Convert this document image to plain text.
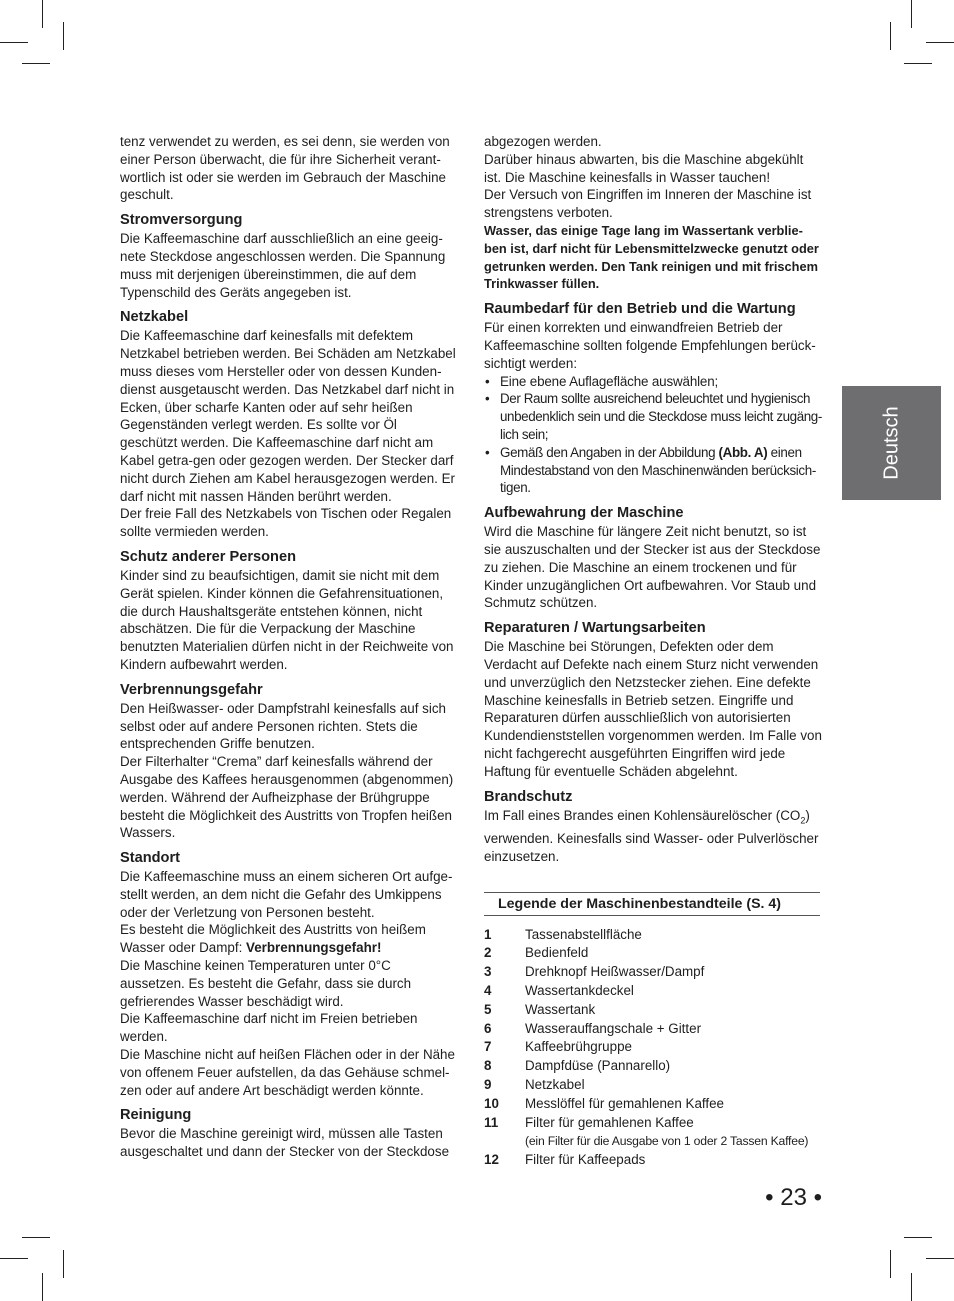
tenz verwendet zu werden, es sei denn, sie werden von einer Person überwacht, die für ihre Sicherheit verant-wortlich ist oder sie werden im Gebrauch der Maschine geschult.

Stromversorgung

Die Kaffeemaschine darf ausschließlich an eine geeig-nete Steckdose angeschlossen werden. Die Spannung muss mit derjenigen übereinstimmen, die auf dem Typenschild des Geräts angegeben ist.

Netzkabel

Die Kaffeemaschine darf keinesfalls mit defektem Netzkabel betrieben werden. Bei Schäden am Netzkabel muss dieses vom Hersteller oder von dessen Kunden-dienst ausgetauscht werden. Das Netzkabel darf nicht in Ecken, über scharfe Kanten oder auf sehr heißen Gegenständen verlegt werden. Es sollte vor Öl geschützt werden. Die Kaffeemaschine darf nicht am Kabel getra-gen oder gezogen werden. Der Stecker darf nicht durch Ziehen am Kabel herausgezogen werden. Er darf nicht mit nassen Händen berührt werden.

Der freie Fall des Netzkabels von Tischen oder Regalen sollte vermieden werden.

Schutz anderer Personen

Kinder sind zu beaufsichtigen, damit sie nicht mit dem Gerät spielen. Kinder können die Gefahrensituationen, die durch Haushaltsgeräte entstehen können, nicht abschätzen. Die für die Verpackung der Maschine benutzten Materialien dürfen nicht in der Reichweite von Kindern aufbewahrt werden.

Verbrennungsgefahr

Den Heißwasser- oder Dampfstrahl keinesfalls auf sich selbst oder auf andere Personen richten. Stets die entsprechenden Griffe benutzen.

Der Filterhalter “Crema” darf keinesfalls während der Ausgabe des Kaffees herausgenommen (abgenommen) werden. Während der Aufheizphase der Brühgruppe besteht die Möglichkeit des Austritts von Tropfen heißen Wassers.

Standort

Die Kaffeemaschine muss an einem sicheren Ort aufge-stellt werden, an dem nicht die Gefahr des Umkippens oder der Verletzung von Personen besteht.

Es besteht die Möglichkeit des Austritts von heißem Wasser oder Dampf: Verbrennungsgefahr!

Die Maschine keinen Temperaturen unter 0°C aussetzen. Es besteht die Gefahr, dass sie durch gefrierendes Wasser beschädigt wird.

Die Kaffeemaschine darf nicht im Freien betrieben werden.

Die Maschine nicht auf heißen Flächen oder in der Nähe von offenem Feuer aufstellen, da das Gehäuse schmel-zen oder auf andere Art beschädigt werden könnte.

Reinigung

Bevor die Maschine gereinigt wird, müssen alle Tasten ausgeschaltet und dann der Stecker von der Steckdose

abgezogen werden.

Darüber hinaus abwarten, bis die Maschine abgekühlt ist. Die Maschine keinesfalls in Wasser tauchen!

Der Versuch von Eingriffen im Inneren der Maschine ist strengstens verboten.

Wasser, das einige Tage lang im Wassertank verblie-ben ist, darf nicht für Lebensmittelzwecke genutzt oder getrunken werden. Den Tank reinigen und mit frischem Trinkwasser füllen.

Raumbedarf für den Betrieb und die Wartung

Für einen korrekten und einwandfreien Betrieb der Kaffeemaschine sollten folgende Empfehlungen berück-sichtigt werden:

• Eine ebene Auflagefläche auswählen;
• Der Raum sollte ausreichend beleuchtet und hygienisch unbedenklich sein und die Steckdose muss leicht zugäng-lich sein;
• Gemäß den Angaben in der Abbildung (Abb. A) einen Mindestabstand von den Maschinenwänden berücksich-tigen.
Aufbewahrung der Maschine

Wird die Maschine für längere Zeit nicht benutzt, so ist sie auszuschalten und der Stecker ist aus der Steckdose zu ziehen. Die Maschine an einem trockenen und für Kinder unzugänglichen Ort aufbewahren. Vor Staub und Schmutz schützen.

Reparaturen / Wartungsarbeiten

Die Maschine bei Störungen, Defekten oder dem Verdacht auf Defekte nach einem Sturz nicht verwenden und unverzüglich den Netzstecker ziehen. Eine defekte Maschine keinesfalls in Betrieb setzen. Eingriffe und Reparaturen dürfen ausschließlich von autorisierten Kundendienststellen vorgenommen werden. Im Falle von nicht fachgerecht ausgeführten Eingriffen wird jede Haftung für eventuelle Schäden abgelehnt.

Brandschutz

Im Fall eines Brandes einen Kohlensäurelöscher $(CO_2)$ verwenden. Keinesfalls sind Wasser- oder Pulverlöscher einzusetzen.

Legende der Maschinenbestandteile (S. 4)
1	Tassenabstellfläche
2	Bedienfeld
3	Drehknopf Heißwasser/Dampf
4	Wassertankdeckel
5	Wassertank
6	Wasserauffangschale + Gitter
7	Kaffeebrühgruppe
8	Dampfdüse (Pannarello)
9	Netzkabel
10 Messlöffel für gemahlenen Kaffee
11 Filter für gemahlenen Kaffee
(ein Filter für die Ausgabe von 1 oder 2 Tassen Kaffee)
12 Filter für Kaffeepads
Deutsch
• 23 •
